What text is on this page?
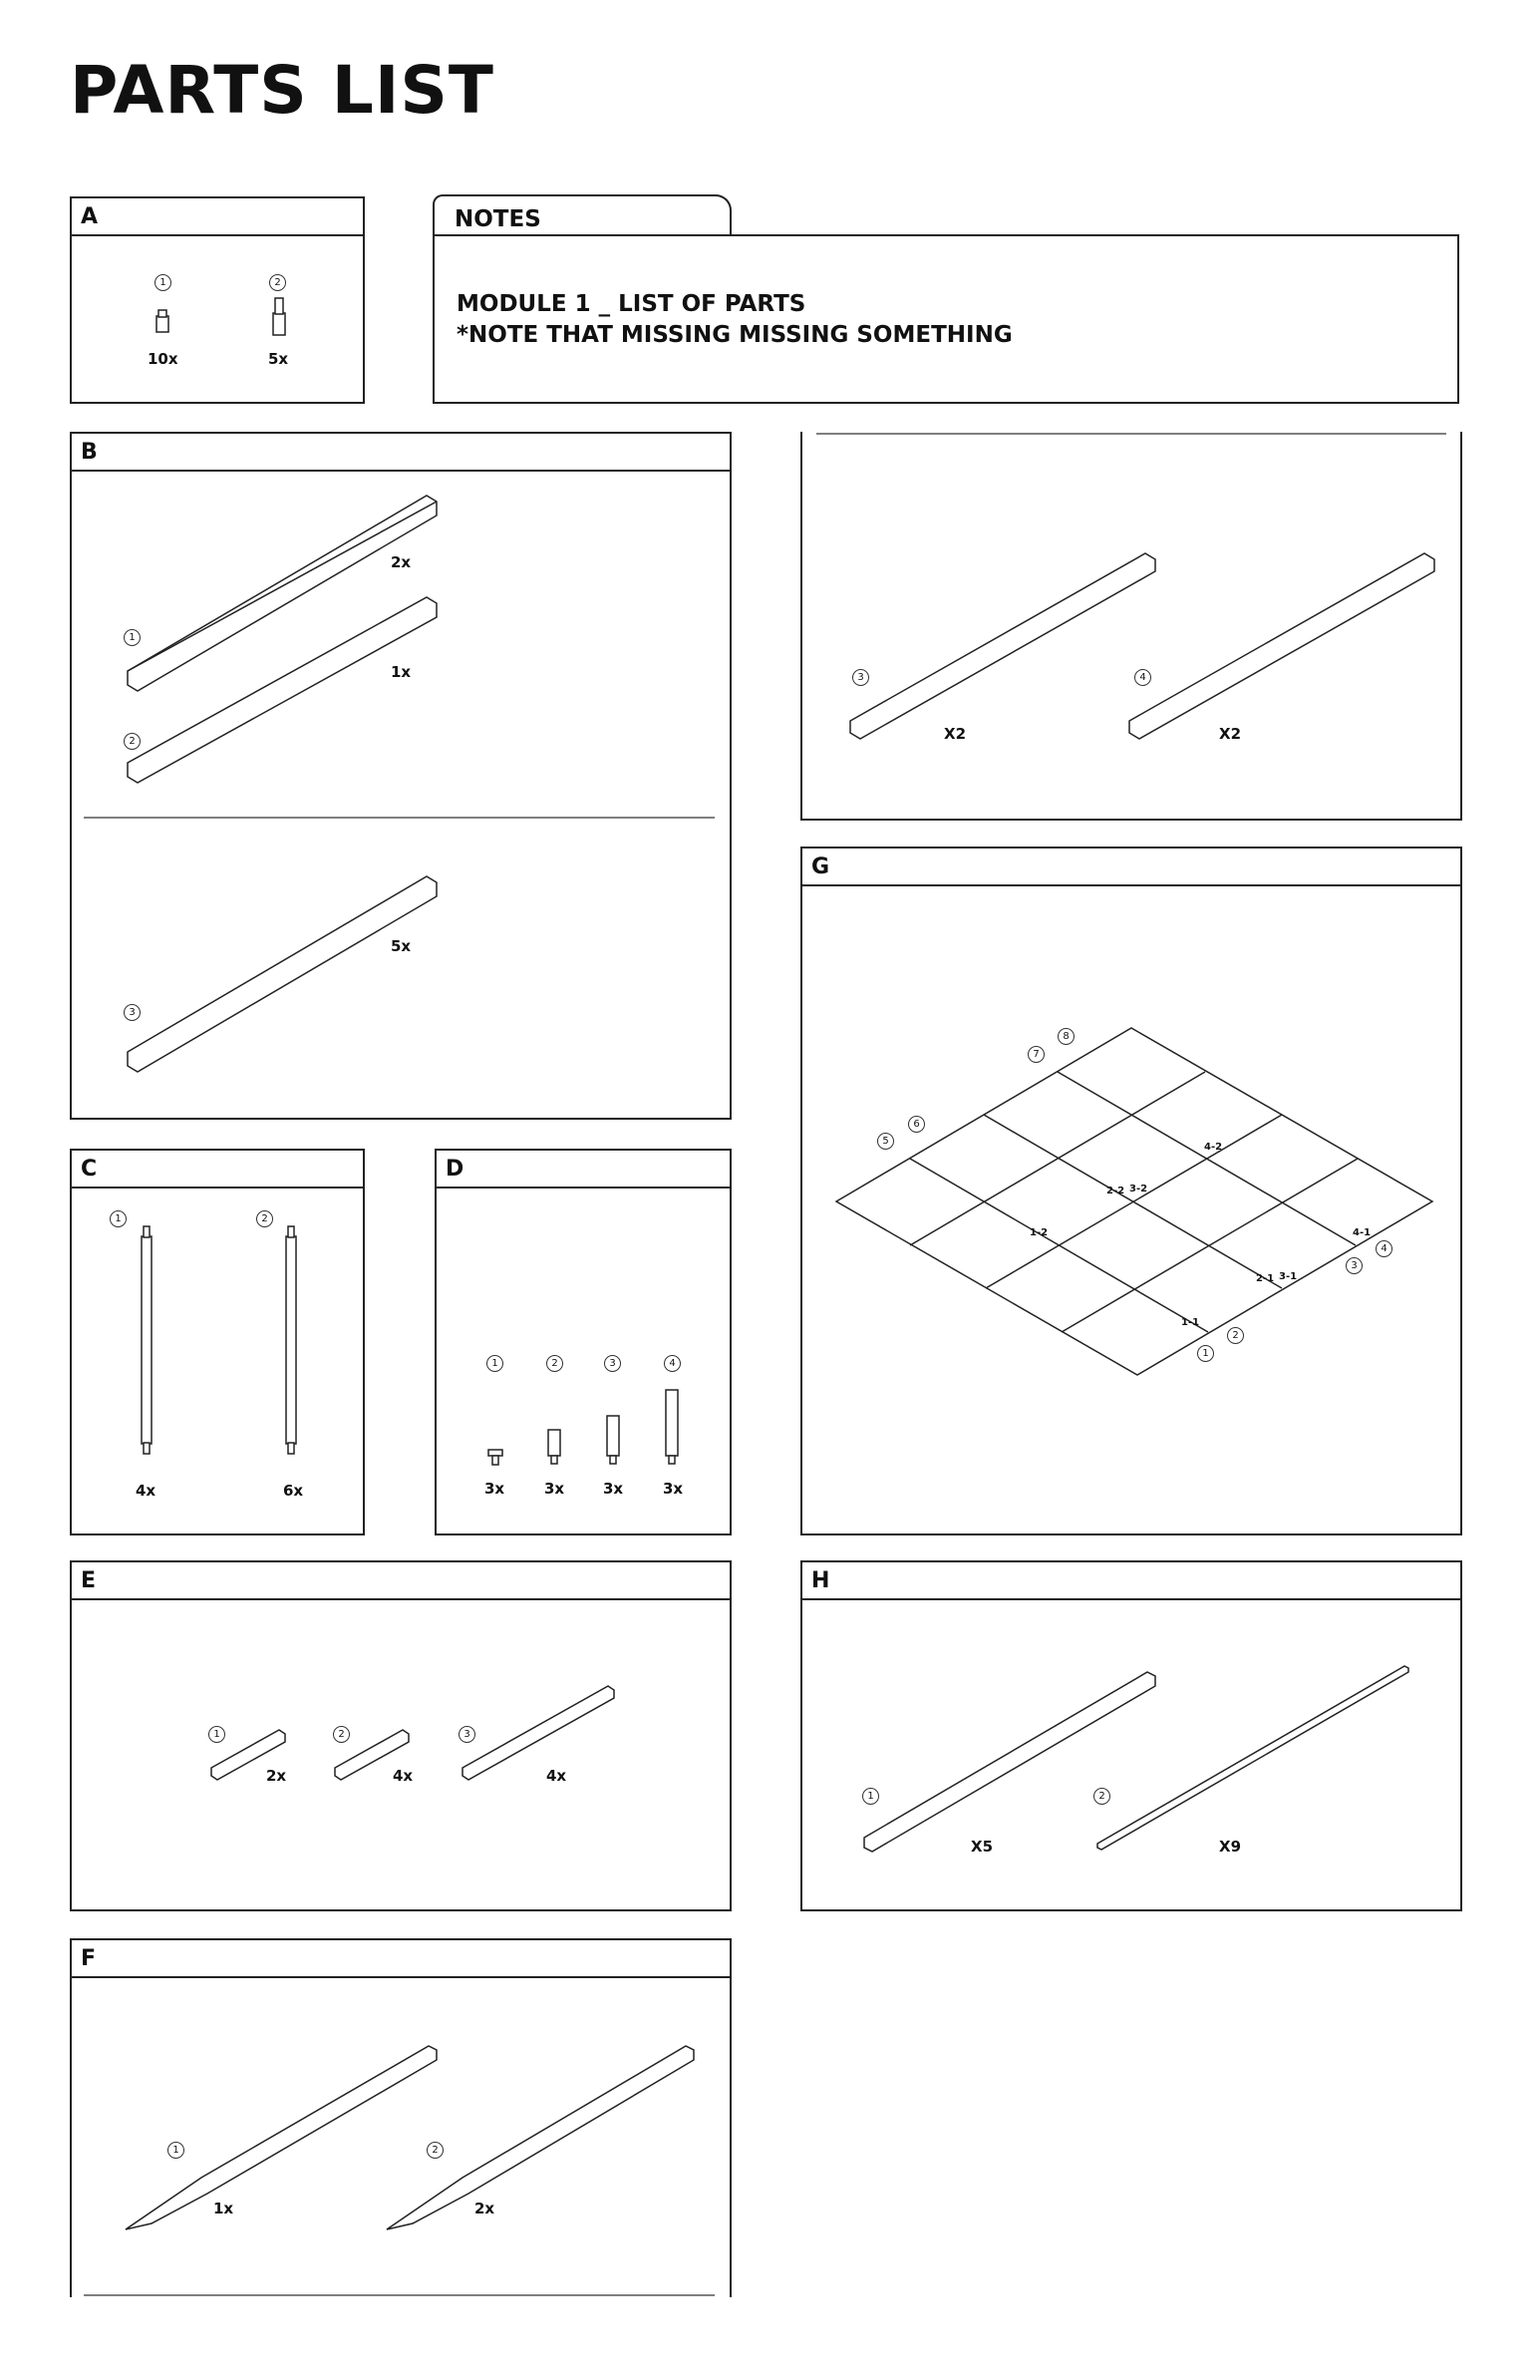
PARTS LIST
A
1	2
10x	5x
NOTES
MODULE 1 _ LIST OF PARTS
*NOTE THAT MISSING MISSING SOMETHING
B
1
2
3
2x
1x
5x
3	4
X2	X2
C
1	2
4x	6x
D
1	2	3	4
3x	3x	3x	3x
G
1
2
3
4
5
6
7
8
1-1
1-2
2-1
2-2
3-1
3-2
4-1
4-2
E
1	2	3
2x	4x	4x
H
1	2
X5	X9
F
1	2
1x	2x
